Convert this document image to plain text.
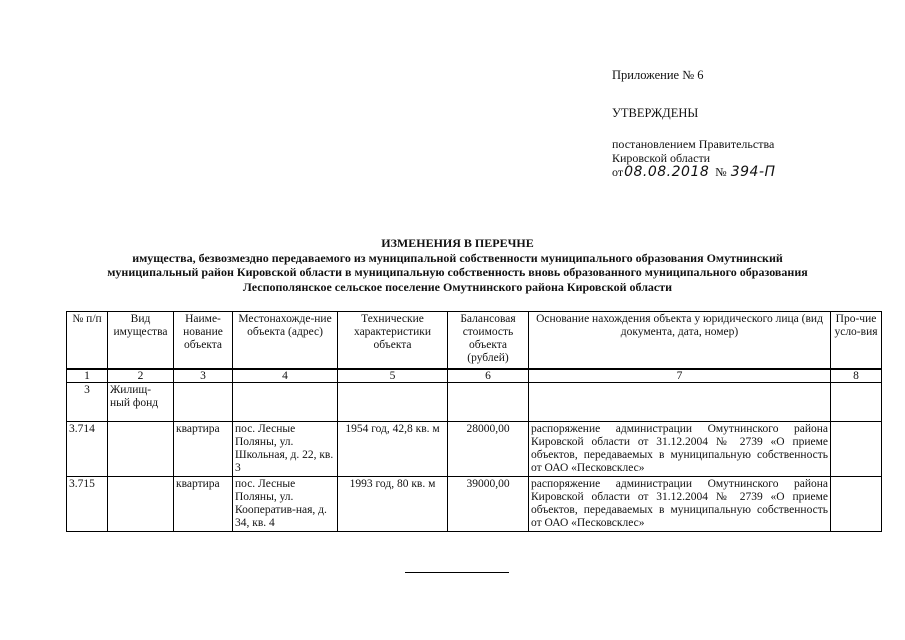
Приложение № 6
УТВЕРЖДЕНЫ
постановлением Правительства
Кировской области
от 08.08.2018 № 394-П
ИЗМЕНЕНИЯ В ПЕРЕЧНЕ
имущества, безвозмездно передаваемого из муниципальной собственности муниципального образования Омутнинский
муниципальный район Кировской области в муниципальную собственность вновь образованного муниципального образования
Леспополянское сельское поселение Омутнинского района Кировской области
№ п/п	Вид имущества	Наиме-нование объекта	Местонахожде-ние объекта (адрес)	Технические характеристики объекта	Балансовая стоимость объекта (рублей)	Основание нахождения объекта у юридического лица (вид документа, дата, номер)	Про-чие усло-вия
1	2	3	4	5	6	7	8
3	Жилищ-ный фонд						
3.714		квартира	пос. Лесные Поляны, ул. Школьная, д. 22, кв. 3	1954 год, 42,8 кв. м	28000,00	распоряжение администрации Омутнинского района Кировской области от 31.12.2004 № 2739 «О приеме объектов, передаваемых в муниципальную собственность от ОАО «Песковсклес»	
3.715		квартира	пос. Лесные Поляны, ул. Кооператив-ная, д. 34, кв. 4	1993 год, 80 кв. м	39000,00	распоряжение администрации Омутнинского района Кировской области от 31.12.2004 № 2739 «О приеме объектов, передаваемых в муниципальную собственность от ОАО «Песковсклес»	
